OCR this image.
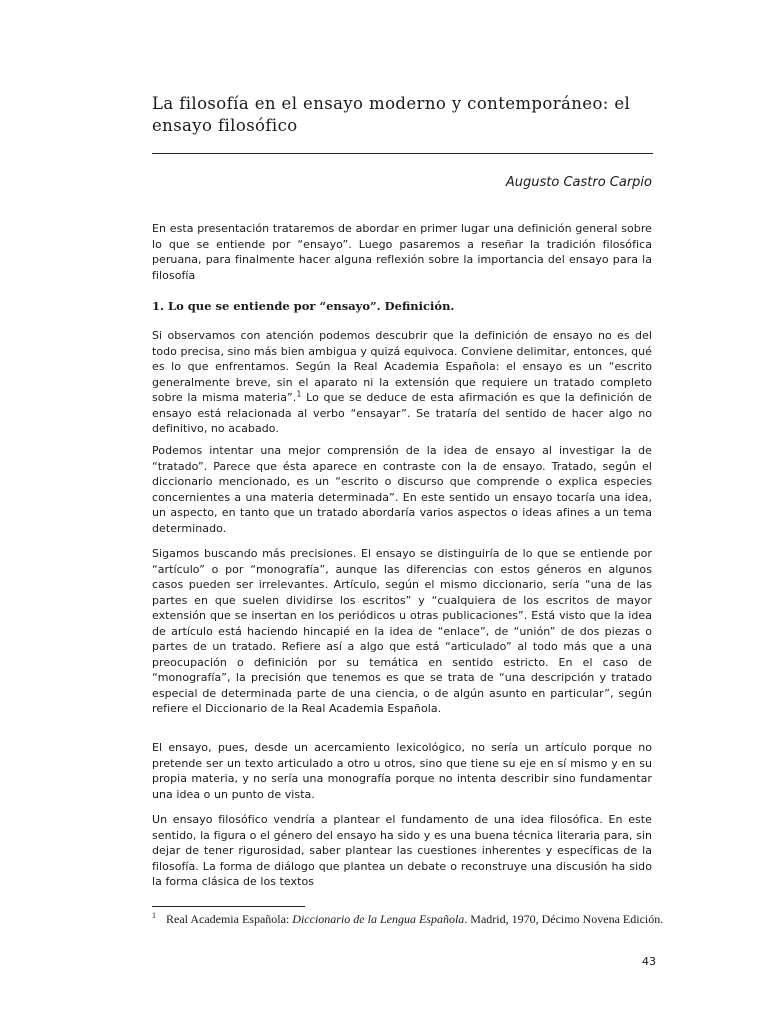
La filosofía en el ensayo moderno y contemporáneo: el ensayo filosófico
Augusto Castro Carpio

En esta presentación trataremos de abordar en primer lugar una definición general sobre lo que se entiende por “ensayo”. Luego pasaremos a reseñar la tradición filosófica peruana, para finalmente hacer alguna reflexión sobre la importancia del ensayo para la filosofía

1. Lo que se entiende por “ensayo”. Definición.

Si observamos con atención podemos descubrir que la definición de ensayo no es del todo precisa, sino más bien ambigua y quizá equivoca. Conviene delimitar, entonces, qué es lo que enfrentamos. Según la Real Academia Española: el ensayo es un “escrito generalmente breve, sin el aparato ni la extensión que requiere un tratado completo sobre la misma materia”.$^1$ Lo que se deduce de esta afirmación es que la definición de ensayo está relacionada al verbo “ensayar”. Se trataría del sentido de hacer algo no definitivo, no acabado.

Podemos intentar una mejor comprensión de la idea de ensayo al investigar la de “tratado”. Parece que ésta aparece en contraste con la de ensayo. Tratado, según el diccionario mencionado, es un “escrito o discurso que comprende o explica especies concernientes a una materia determinada”. En este sentido un ensayo tocaría una idea, un aspecto, en tanto que un tratado abordaría varios aspectos o ideas afines a un tema determinado.

Sigamos buscando más precisiones. El ensayo se distinguiría de lo que se entiende por “artículo” o por “monografía”, aunque las diferencias con estos géneros en algunos casos pueden ser irrelevantes. Artículo, según el mismo diccionario, sería “una de las partes en que suelen dividirse los escritos” y “cualquiera de los escritos de mayor extensión que se insertan en los periódicos u otras publicaciones”. Está visto que la idea de artículo está haciendo hincapié en la idea de “enlace”, de “unión” de dos piezas o partes de un tratado. Refiere así a algo que está “articulado” al todo más que a una preocupación o definición por su temática en sentido estricto. En el caso de “monografía”, la precisión que tenemos es que se trata de “una descripción y tratado especial de determinada parte de una ciencia, o de algún asunto en particular”, según refiere el Diccionario de la Real Academia Española.

El ensayo, pues, desde un acercamiento lexicológico, no sería un artículo porque no pretende ser un texto articulado a otro u otros, sino que tiene su eje en sí mismo y en su propia materia, y no sería una monografía porque no intenta describir sino fundamentar una idea o un punto de vista.

Un ensayo filosófico vendría a plantear el fundamento de una idea filosófica. En este sentido, la figura o el género del ensayo ha sido y es una buena técnica literaria para, sin dejar de tener rigurosidad, saber plantear las cuestiones inherentes y específicas de la filosofía. La forma de diálogo que plantea un debate o reconstruye una discusión ha sido la forma clásica de los textos

1 Real Academia Española: Diccionario de la Lengua Española. Madrid, 1970, Décimo Novena Edición.

43
